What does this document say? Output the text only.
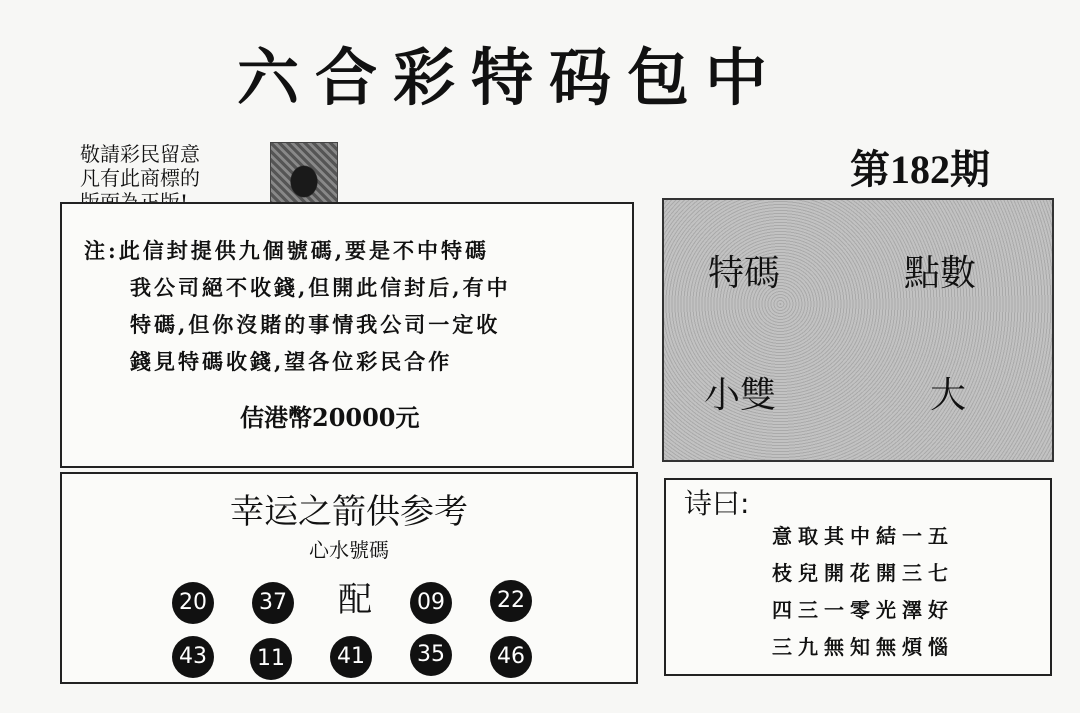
六合彩特码包中
敬請彩民留意
凡有此商標的	第182期
注:此信封提供九個號碼,要是不中特碼
我公司絕不收錢,但開此信封后,有中
特碼,但你沒賭的事情我公司一定收
錢見特碼收錢,望各位彩民合作
佶港幣20000元
特碼	點數
小雙	大
幸运之箭供参考
心水號碼
20	37 配	09	22
43	11	41	35	46
诗曰:
意取其中結一五
枝兒開花開三七
四三一零光澤好
三九無知無煩惱
